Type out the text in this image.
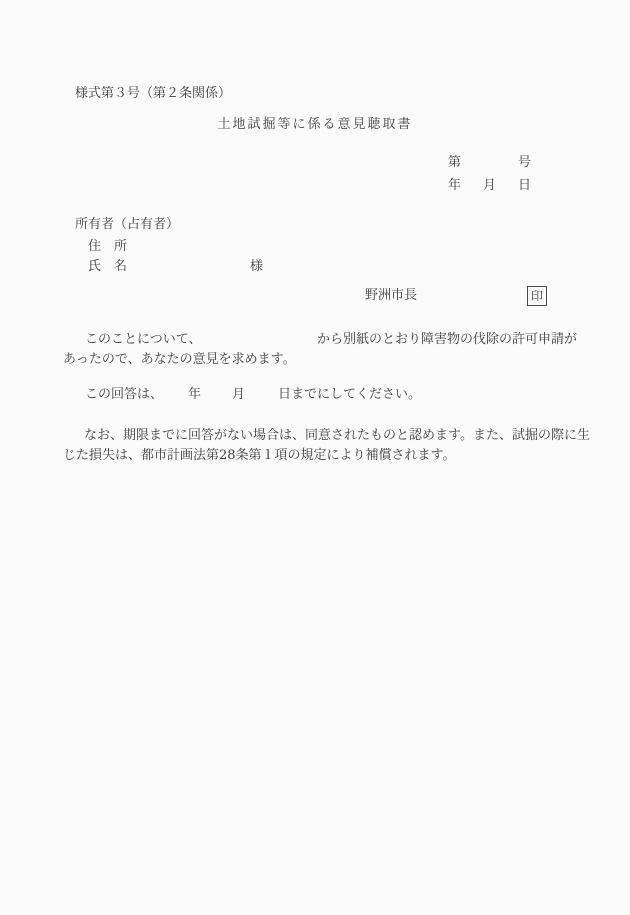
様式第３号（第２条関係）
土地試掘等に係る意見聴取書
第	号
年 月 日
所有者（占有者）
住　所
氏　名	様
野洲市長	印
このことについて、	から別紙のとおり障害物の伐除の許可申請が
あったので、あなたの意見を求めます。
この回答は、 年 月	日までにしてください。
なお、期限までに回答がない場合は、同意されたものと認めます。また、試掘の際に生
じた損失は、都市計画法第28条第１項の規定により補償されます。
